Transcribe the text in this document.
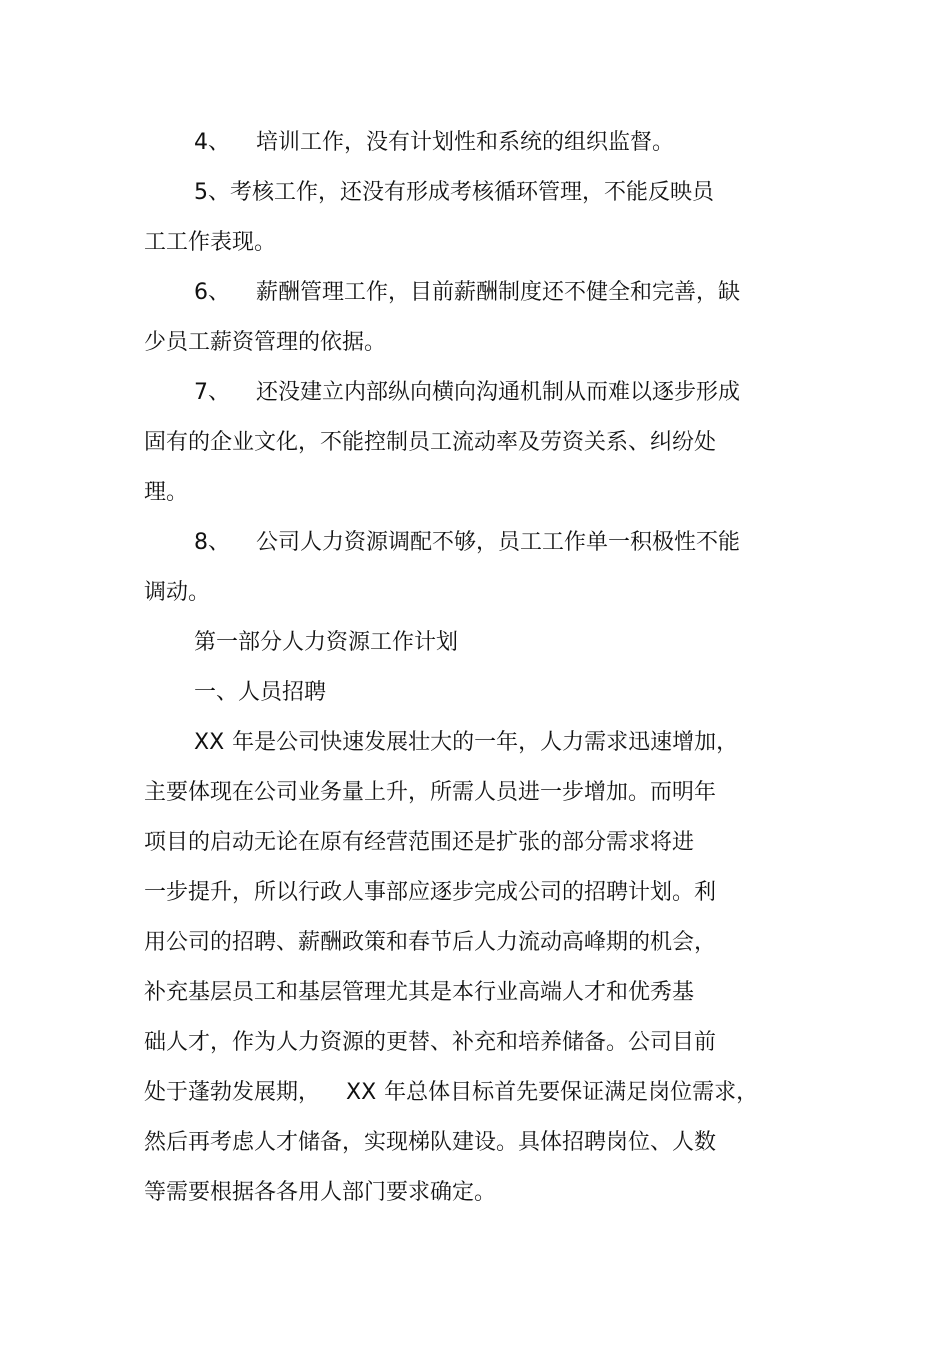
4、 培训工作，没有计划性和系统的组织监督。

5、考核工作，还没有形成考核循环管理，不能反映员

工工作表现。

6、 薪酬管理工作，目前薪酬制度还不健全和完善，缺

少员工薪资管理的依据。

7、 还没建立内部纵向横向沟通机制从而难以逐步形成

固有的企业文化，不能控制员工流动率及劳资关系、纠纷处

理。

8、 公司人力资源调配不够，员工工作单一积极性不能

调动。

第一部分人力资源工作计划

一、人员招聘

XX 年是公司快速发展壮大的一年，人力需求迅速增加，

主要体现在公司业务量上升，所需人员进一步增加。而明年

项目的启动无论在原有经营范围还是扩张的部分需求将进

一步提升，所以行政人事部应逐步完成公司的招聘计划。利

用公司的招聘、薪酬政策和春节后人力流动高峰期的机会，

补充基层员工和基层管理尤其是本行业高端人才和优秀基

础人才，作为人力资源的更替、补充和培养储备。公司目前

处于蓬勃发展期， XX 年总体目标首先要保证满足岗位需求，

然后再考虑人才储备，实现梯队建设。具体招聘岗位、人数

等需要根据各各用人部门要求确定。
